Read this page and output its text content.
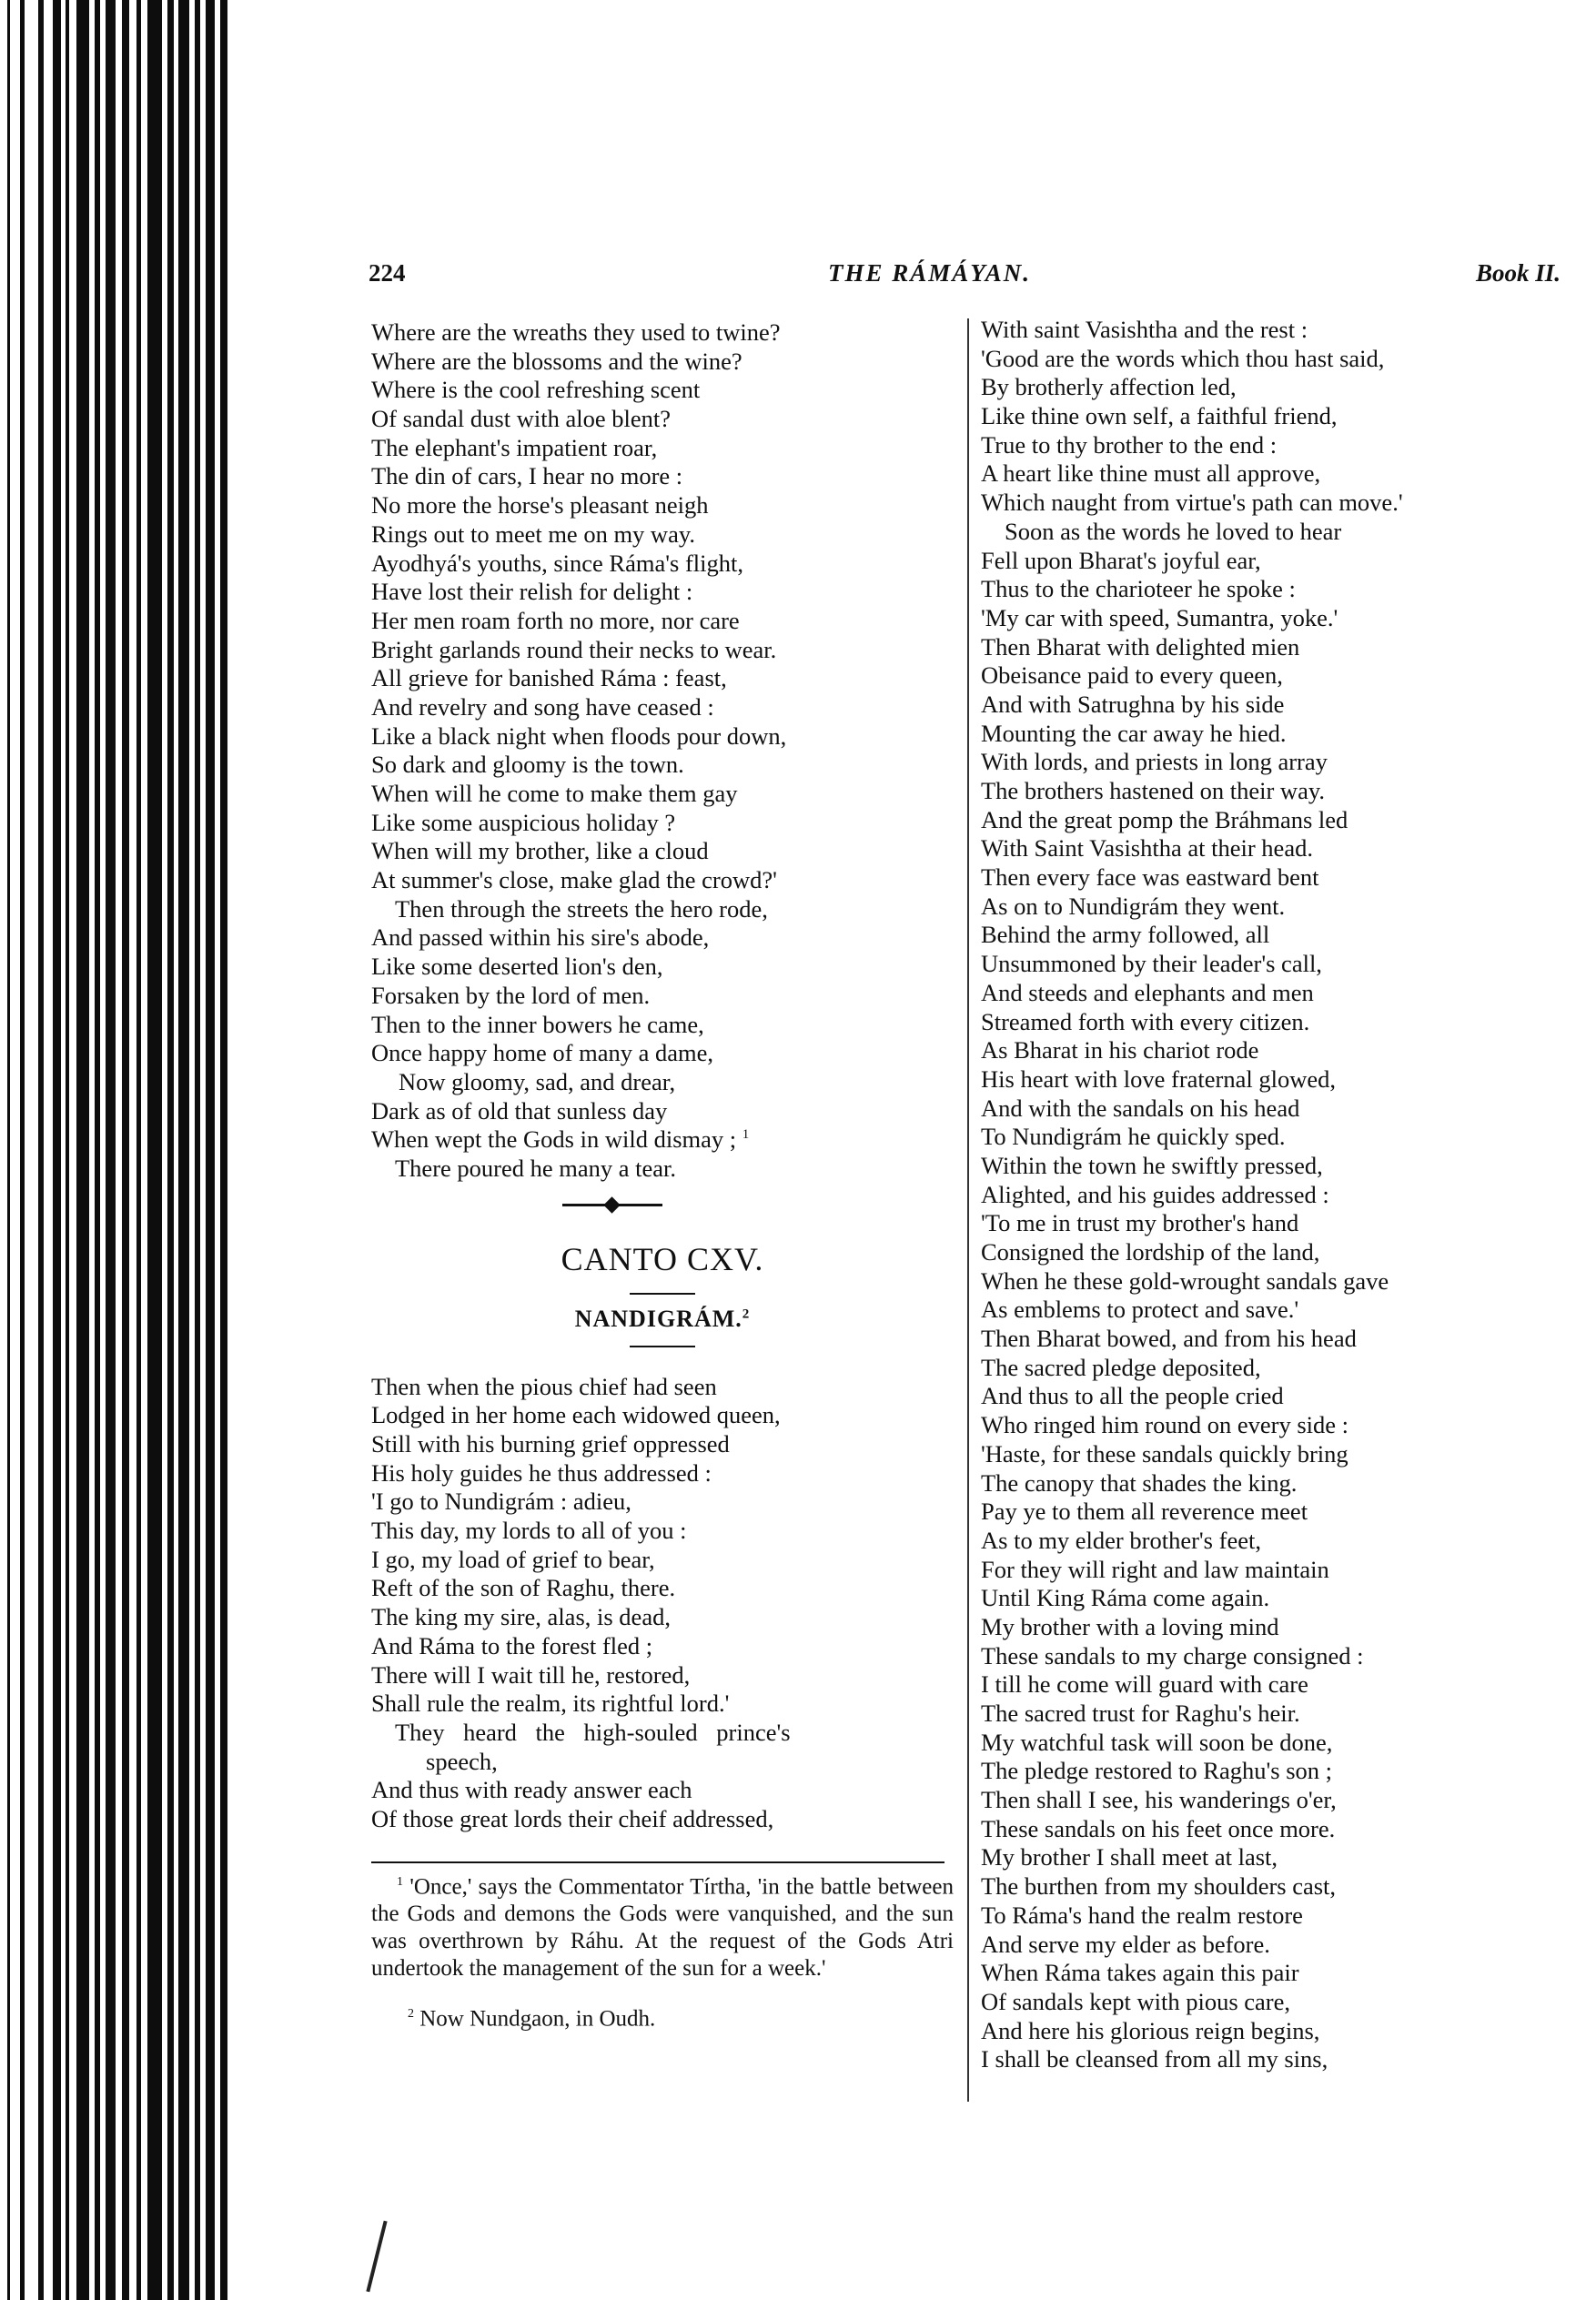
224	THE RÁMÁYAN.	Book II.
Where are the wreaths they used to twine?
Where are the blossoms and the wine?
Where is the cool refreshing scent
Of sandal dust with aloe blent?
The elephant's impatient roar,
The din of cars, I hear no more :
No more the horse's pleasant neigh
Rings out to meet me on my way.
Ayodhyá's youths, since Ráma's flight,
Have lost their relish for delight :
Her men roam forth no more, nor care
Bright garlands round their necks to wear.
All grieve for banished Ráma : feast,
And revelry and song have ceased :
Like a black night when floods pour down,
So dark and gloomy is the town.
When will he come to make them gay
Like some auspicious holiday ?
When will my brother, like a cloud
At summer's close, make glad the crowd?'
Then through the streets the hero rode,
And passed within his sire's abode,
Like some deserted lion's den,
Forsaken by the lord of men.
Then to the inner bowers he came,
Once happy home of many a dame,
Now gloomy, sad, and drear,
Dark as of old that sunless day
When wept the Gods in wild dismay ; $^1$
There poured he many a tear.
CANTO CXV.
NANDIGRÁM.$^2$
Then when the pious chief had seen
Lodged in her home each widowed queen,
Still with his burning grief oppressed
His holy guides he thus addressed :
'I go to Nundigrám : adieu,
This day, my lords to all of you :
I go, my load of grief to bear,
Reft of the son of Raghu, there.
The king my sire, alas, is dead,
And Ráma to the forest fled ;
There will I wait till he, restored,
Shall rule the realm, its rightful lord.'
They heard the high-souled prince's
speech,
And thus with ready answer each
Of those great lords their cheif addressed,

$^1$ 'Once,' says the Commentator Tírtha, 'in the battle between the Gods and demons the Gods were vanquished, and the sun was overthrown by Ráhu. At the request of the Gods Atri undertook the management of the sun for a week.'

$^2$ Now Nundgaon, in Oudh.

With saint Vasishtha and the rest :
'Good are the words which thou hast said,
By brotherly affection led,
Like thine own self, a faithful friend,
True to thy brother to the end :
A heart like thine must all approve,
Which naught from virtue's path can move.'
Soon as the words he loved to hear
Fell upon Bharat's joyful ear,
Thus to the charioteer he spoke :
'My car with speed, Sumantra, yoke.'
Then Bharat with delighted mien
Obeisance paid to every queen,
And with Satrughna by his side
Mounting the car away he hied.
With lords, and priests in long array
The brothers hastened on their way.
And the great pomp the Bráhmans led
With Saint Vasishtha at their head.
Then every face was eastward bent
As on to Nundigrám they went.
Behind the army followed, all
Unsummoned by their leader's call,
And steeds and elephants and men
Streamed forth with every citizen.
As Bharat in his chariot rode
His heart with love fraternal glowed,
And with the sandals on his head
To Nundigrám he quickly sped.
Within the town he swiftly pressed,
Alighted, and his guides addressed :
'To me in trust my brother's hand
Consigned the lordship of the land,
When he these gold-wrought sandals gave
As emblems to protect and save.'
Then Bharat bowed, and from his head
The sacred pledge deposited,
And thus to all the people cried
Who ringed him round on every side :
'Haste, for these sandals quickly bring
The canopy that shades the king.
Pay ye to them all reverence meet
As to my elder brother's feet,
For they will right and law maintain
Until King Ráma come again.
My brother with a loving mind
These sandals to my charge consigned :
I till he come will guard with care
The sacred trust for Raghu's heir.
My watchful task will soon be done,
The pledge restored to Raghu's son ;
Then shall I see, his wanderings o'er,
These sandals on his feet once more.
My brother I shall meet at last,
The burthen from my shoulders cast,
To Ráma's hand the realm restore
And serve my elder as before.
When Ráma takes again this pair
Of sandals kept with pious care,
And here his glorious reign begins,
I shall be cleansed from all my sins,
